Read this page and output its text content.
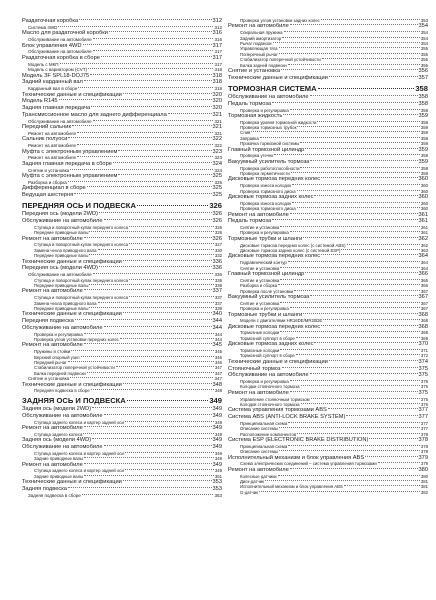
Раздаточная коробка	312
Система 4WD	312
Масло для раздаточной коробки	316
Обслуживание на автомобиле	316
Блок управления 4WD	317
Обслуживание на автомобиле	317
Раздаточная коробка в сборе	317
Модель с МКП	317
Модель с вариатором (CVT)	318
Модель ЗF SPL18-DOJ75	318
Задний карданный вал	318
Карданный вал в сборе	319
Технические данные и спецификации	320
Модель R145	320
Задняя главная передача	320
Трансмиссионное масло для заднего дифференциала	321
Обслуживание на автомобиле	321
Передний сальник	321
Ремонт на автомобиле	321
Сальник полуоси	322
Ремонт на автомобиле	322
Муфта с электронным управлением	323
Ремонт на автомобиле	323
Задняя главная передача в сборе	324
Снятие и установка	324
Муфта с электронным управлением	325
Разборка и сборка	325
Дифференциал в сборе	325
Ведущая шестерня	325
ПЕРЕДНЯЯ ОСЬ И ПОДВЕСКА	326
Передняя ось (модели 2WD)	326
Обслуживание на автомобиле	326
Ступица и поворотный кулак переднего колеса	326
Передние приводные валы	326
Ремонт на автомобиле	326
Ступица и поворотный кулак переднего колеса	327
Замена чехла приводного вала	330
Передние приводные валы	332
Технические данные и спецификации	336
Передняя ось (модели 4WD)	336
Обслуживание на автомобиле	336
Ступица и поворотный кулак переднего колеса	336
Передние приводные валы	336
Ремонт на автомобиле	337
Ступица и поворотный кулак переднего колеса	337
Замена чехла приводного вала	337
Передние приводные валы	339
Технические данные и спецификации	340
Передняя подвеска	344
Обслуживание на автомобиле	344
Проверка и регулировка	344
Проверка углов установки передних колес	344
Ремонт на автомобиле	345
Пружины и стойки	345
Верхний опорный узел	346
Передний рычаг	346
Стабилизатор поперечной устойчивости	347
Балка передней подвески	347
Снятие и установка	347
Технические данные и спецификации	348
Передняя подвеска в сборе	348
ЗАДНЯЯ ОСЬ И ПОДВЕСКА	349
Задняя ось (модели 2WD)	349
Обслуживание на автомобиле	349
Ступица заднего колеса и картер задней оси	349
Ремонт на автомобиле	349
Ступица заднего колеса	349
Задняя ось (модели 4WD)	349
Обслуживание на автомобиле	349
Ступица заднего колеса и картер задней оси	349
Задние приводные валы	349
Ремонт на автомобиле	349
Ступица заднего колеса и картер задней оси	349
Задние приводные валы	351
Технические данные и спецификации	353
Задняя подвеска	353
Задняя подвеска в сборе	353
Проверка углов установки задних колес	353
Ремонт на автомобиле	354
Спиральная пружина	354
Задний амортизатор	354
Рычаг подвески	354
Управляющая тяга	355
Поперечный рычаг	355
Стабилизатор поперечной устойчивости	355
Балка задней подвески	356
Снятие и установка	356
Технические данные и спецификации	357
ТОРМОЗНАЯ СИСТЕМА	358
Обслуживание на автомобиле	358
Педаль тормоза	358
Проверка и регулировка	358
Тормозная жидкость	359
Проверка уровня тормозной жидкости	359
Проверка тормозных трубок	359
Слив	359
Заправка	359
Прокачка тормозной системы	359
Главный тормозной цилиндр	359
Проверка утечек	359
Вакуумный усилитель тормоза	359
Проверка работоспособности	359
Проверка герметичности	359
Дисковые тормоза передних колес	360
Проверка износа колодок	360
Проверка тормозного диска	360
Дисковые тормоза задних колес	360
Проверка износа колодок	360
Проверка тормозного диска	360
Ремонт на автомобиле	361
Педаль тормоза	361
Снятие и установка	361
Проверка и регулировка	361
Тормозные трубки и шланги	362
Дисковые тормоза передних колес (с системой ABS)	362
Дисковые тормоза задних колес (с системой ESP)	363
Дисковые тормоза передних колес	364
Гидравлический контур	364
Снятие и установка	364
Главный тормозной цилиндр	366
Снятие и установка	366
Разборка и сборка	366
Проверка после установки	367
Вакуумный усилитель тормоза	367
Снятие и установка	367
Проверка и регулировка	367
Тормозные трубки и шланги	368
Модели с двигателями HR16DE/MR20DE	368
Дисковые тормоза передних колес	368
Тормозные колодки	368
Тормозной суппорт в сборе	369
Дисковые тормоза задних колес	370
Тормозные колодки	371
Тормозной суппорт в сборе	372
Технические данные и спецификации	374
Стояночный тормоз	375
Обслуживание на автомобиле	375
Проверка и регулировка	375
Колодки стояночного тормоза	375
Ремонт на автомобиле	375
Управление стояночным тормозом	375
Колодки стояночного тормоза	376
Система управления тормозами ABS	377
Система ABS (ANTI-LOCK BRAKE SYSTEM)	377
Принципиальная схема	377
Описание системы	377
Расположение компонентов	378
Система ESP (ELECTRONIC BRAKE DISTRIBUTION)	378
Принципиальная схема	378
Описание системы	378
Исполнительный механизм и блок управления ABS	379
Схема электрических соединений – система управления тормозами	379
Ремонт на автомобиле	380
Колесные датчики	380
Диск-датчик	381
Исполнительный механизм и блок управления ABS	381
G-датчик	382
